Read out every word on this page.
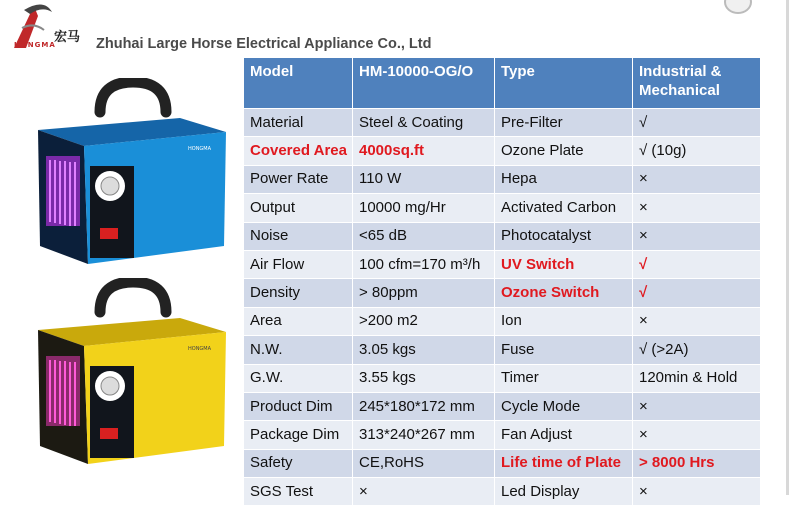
宏马
HONGMA	Zhuhai Large Horse Electrical Appliance Co., Ltd
HONGMA
HONGMA
Model	HM-10000-OG/O	Type	Industrial & Mechanical
Material	Steel & Coating	Pre-Filter	√
Covered Area	4000sq.ft	Ozone Plate	√ (10g)
Power Rate	110 W	Hepa	×
Output	10000 mg/Hr	Activated Carbon	×
Noise	<65 dB	Photocatalyst	×
Air Flow	100 cfm=170 m³/h	UV Switch	√
Density	> 80ppm	Ozone Switch	√
Area	>200 m2	Ion	×
N.W.	3.05 kgs	Fuse	√ (>2A)
G.W.	3.55 kgs	Timer	120min & Hold
Product Dim	245*180*172 mm	Cycle Mode	×
Package Dim	313*240*267 mm	Fan Adjust	×
Safety	CE,RoHS	Life time of Plate	> 8000 Hrs
SGS Test	×	Led Display	×
